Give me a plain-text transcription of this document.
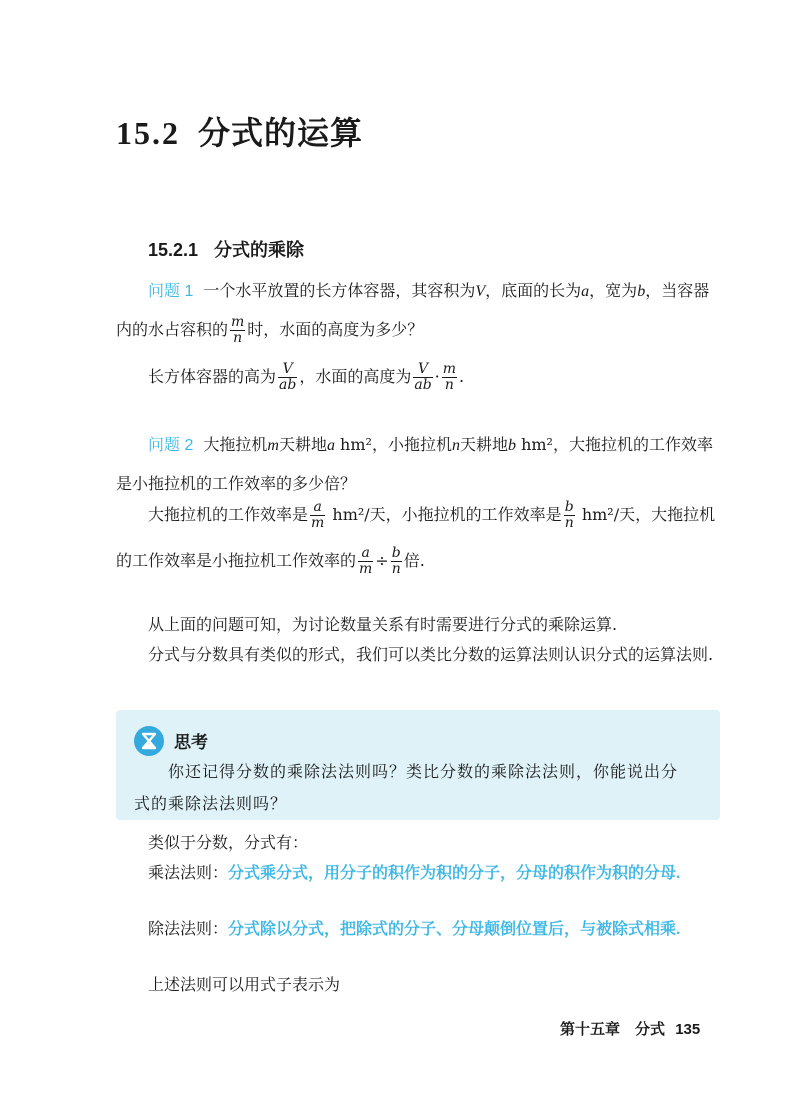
15.2 分式的运算
15.2.1 分式的乘除
问题 1 一个水平放置的长方体容器，其容积为V，底面的长为a，宽为b，当容器内的水占容积的 $\frac{m}{n}$ 时，水面的高度为多少？
长方体容器的高为 $\frac{V}{ab}$ ，水面的高度为 $\frac{V}{ab} \cdot \frac{m}{n}$ .
问题 2 大拖拉机m天耕地a hm²，小拖拉机n天耕地b hm²，大拖拉机的工作效率是小拖拉机的工作效率的多少倍？
大拖拉机的工作效率是 $\frac{a}{m} hm^2/$天，小拖拉机的工作效率是 $\frac{b}{n} hm^2/$天，大拖拉机的工作效率是小拖拉机工作效率的 $\frac{a}{m} \div \frac{b}{n}$ 倍.
从上面的问题可知，为讨论数量关系有时需要进行分式的乘除运算.
分式与分数具有类似的形式，我们可以类比分数的运算法则认识分式的运算法则.
思考
你还记得分数的乘除法法则吗？类比分数的乘除法法则，你能说出分
式的乘除法法则吗？
类似于分数，分式有：
乘法法则：分式乘分式，用分子的积作为积的分子，分母的积作为积的分母.
除法法则：分式除以分式，把除式的分子、分母颠倒位置后，与被除式相乘.
上述法则可以用式子表示为
第十五章　分式 135
